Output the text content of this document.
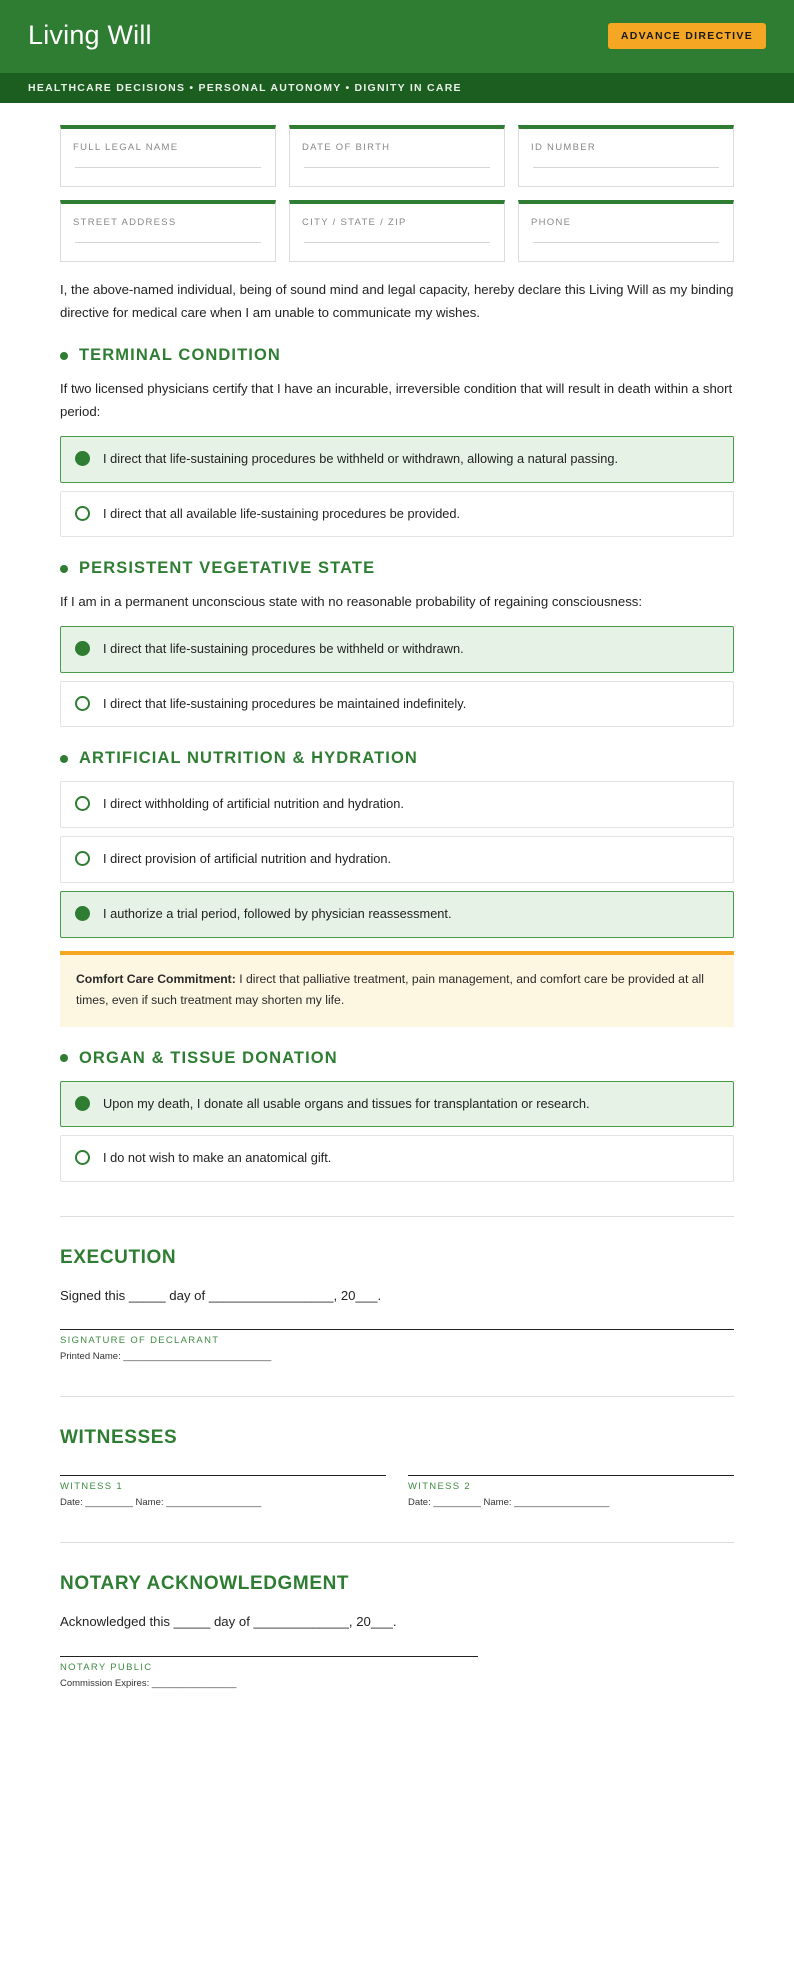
Living Will	ADVANCE DIRECTIVE
HEALTHCARE DECISIONS • PERSONAL AUTONOMY • DIGNITY IN CARE
FULL LEGAL NAME	DATE OF BIRTH	ID NUMBER
STREET ADDRESS	CITY / STATE / ZIP	PHONE

I, the above-named individual, being of sound mind and legal capacity, hereby declare this Living Will as my binding directive for medical care when I am unable to communicate my wishes.

TERMINAL CONDITION

If two licensed physicians certify that I have an incurable, irreversible condition that will result in death within a short period:

I direct that life-sustaining procedures be withheld or withdrawn, allowing a natural passing.
I direct that all available life-sustaining procedures be provided.
PERSISTENT VEGETATIVE STATE

If I am in a permanent unconscious state with no reasonable probability of regaining consciousness:

I direct that life-sustaining procedures be withheld or withdrawn.
I direct that life-sustaining procedures be maintained indefinitely.
ARTIFICIAL NUTRITION & HYDRATION
I direct withholding of artificial nutrition and hydration.
I direct provision of artificial nutrition and hydration.
I authorize a trial period, followed by physician reassessment.
Comfort Care Commitment: I direct that palliative treatment, pain management, and comfort care be provided at all times, even if such treatment may shorten my life.
ORGAN & TISSUE DONATION
Upon my death, I donate all usable organs and tissues for transplantation or research.
I do not wish to make an anatomical gift.
EXECUTION
Signed this _____ day of _________________, 20___.
SIGNATURE OF DECLARANT
Printed Name: ____________________________
WITNESSES
WITNESS 1
Date: _________ Name: __________________
WITNESS 2
Date: _________ Name: __________________
NOTARY ACKNOWLEDGMENT
Acknowledged this _____ day of _____________, 20___.
NOTARY PUBLIC
Commission Expires: ________________
